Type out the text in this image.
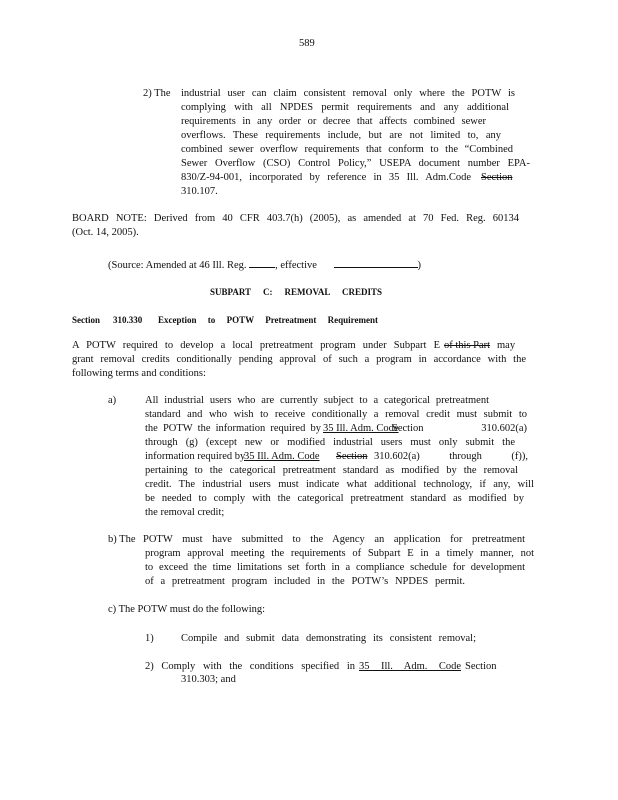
589
2) The industrial user can claim consistent removal only where the POTW is
complying with all NPDES permit requirements and any additional
requirements in any order or decree that affects combined sewer
overflows. These requirements include, but are not limited to, any
combined sewer overflow requirements that conform to the “Combined
Sewer Overflow (CSO) Control Policy,” USEPA document number EPA-
830/Z-94-001, incorporated by reference in 35 Ill. Adm.Code Section
310.107.
BOARD NOTE: Derived from 40 CFR 403.7(h) (2005), as amended at 70 Fed. Reg. 60134
(Oct. 14, 2005).
(Source: Amended at 46 Ill. Reg.	, effective	)
SUBPART C: REMOVAL CREDITS
Section 310.330 Exception to POTW Pretreatment Requirement
A POTW required to develop a local pretreatment program under Subpart E of this Part may
grant removal credits conditionally pending approval of such a program in accordance with the
following terms and conditions:
a)	All industrial users who are currently subject to a categorical pretreatment
standard and who wish to receive conditionally a removal credit must submit to
the POTW the information required by 35 Ill. Adm. Code
Section 310.602(a)
through (g) (except new or modified industrial users must only submit the
information required by
35 Ill. Adm. Code Section 310.602(a) through (f)),
pertaining to the categorical pretreatment standard as modified by the removal
credit. The industrial users must indicate what additional technology, if any, will
be needed to comply with the categorical pretreatment standard as modified by
the removal credit;
b) The POTW must have submitted to the Agency an application for pretreatment
program approval meeting the requirements of Subpart E in a timely manner, not
to exceed the time limitations set forth in a compliance schedule for development
of a pretreatment program included in the POTW’s NPDES permit.
c) The POTW must do the following:
1)	Compile and submit data demonstrating its consistent removal;
2) Comply with the conditions specified in 35 Ill. Adm. Code Section
310.303; and
